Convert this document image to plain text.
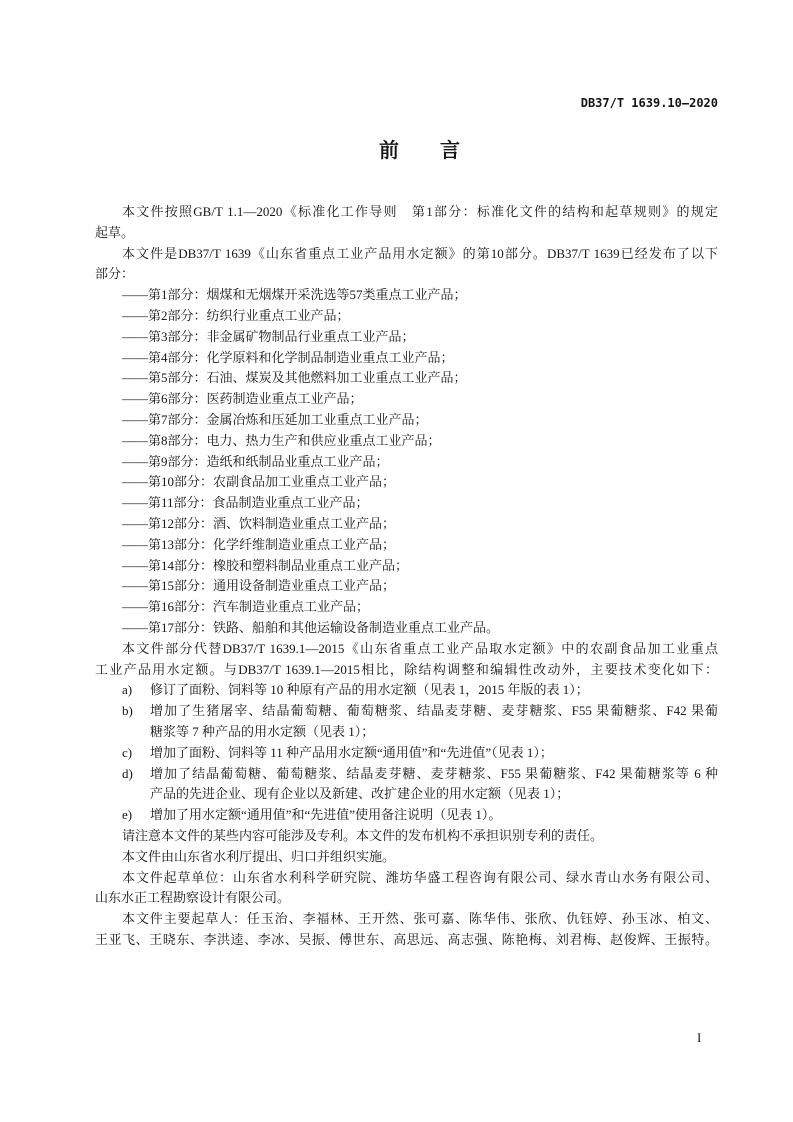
DB37/T 1639.10—2020
前　言
本文件按照GB/T 1.1—2020《标准化工作导则　第1部分：标准化文件的结构和起草规则》的规定
起草。
本文件是DB37/T 1639《山东省重点工业产品用水定额》的第10部分。DB37/T 1639已经发布了以下
部分：
——第1部分：烟煤和无烟煤开采洗选等57类重点工业产品；
——第2部分：纺织行业重点工业产品；
——第3部分：非金属矿物制品行业重点工业产品；
——第4部分：化学原料和化学制品制造业重点工业产品；
——第5部分：石油、煤炭及其他燃料加工业重点工业产品；
——第6部分：医药制造业重点工业产品；
——第7部分：金属冶炼和压延加工业重点工业产品；
——第8部分：电力、热力生产和供应业重点工业产品；
——第9部分：造纸和纸制品业重点工业产品；
——第10部分：农副食品加工业重点工业产品；
——第11部分：食品制造业重点工业产品；
——第12部分：酒、饮料制造业重点工业产品；
——第13部分：化学纤维制造业重点工业产品；
——第14部分：橡胶和塑料制品业重点工业产品；
——第15部分：通用设备制造业重点工业产品；
——第16部分：汽车制造业重点工业产品；
——第17部分：铁路、船舶和其他运输设备制造业重点工业产品。
本文件部分代替DB37/T 1639.1—2015《山东省重点工业产品取水定额》中的农副食品加工业重点
工业产品用水定额。与DB37/T 1639.1—2015相比，除结构调整和编辑性改动外，主要技术变化如下：
a)	修订了面粉、饲料等 10 种原有产品的用水定额（见表 1，2015 年版的表 1）；
b)	增加了生猪屠宰、结晶葡萄糖、葡萄糖浆、结晶麦芽糖、麦芽糖浆、F55 果葡糖浆、F42 果葡
糖浆等 7 种产品的用水定额（见表 1）；
c)	增加了面粉、饲料等 11 种产品用水定额“通用值”和“先进值”（见表 1）；
d)	增加了结晶葡萄糖、葡萄糖浆、结晶麦芽糖、麦芽糖浆、F55 果葡糖浆、F42 果葡糖浆等 6 种
产品的先进企业、现有企业以及新建、改扩建企业的用水定额（见表 1）；
e)	增加了用水定额“通用值”和“先进值”使用备注说明（见表 1）。
请注意本文件的某些内容可能涉及专利。本文件的发布机构不承担识别专利的责任。
本文件由山东省水利厅提出、归口并组织实施。
本文件起草单位：山东省水利科学研究院、潍坊华盛工程咨询有限公司、绿水青山水务有限公司、
山东水正工程勘察设计有限公司。
本文件主要起草人：任玉治、李福林、王开然、张可嘉、陈华伟、张欣、仇钰婷、孙玉冰、柏文、
王亚飞、王晓东、李洪逵、李冰、吴振、傅世东、高思远、高志强、陈艳梅、刘君梅、赵俊辉、王振特。
I
